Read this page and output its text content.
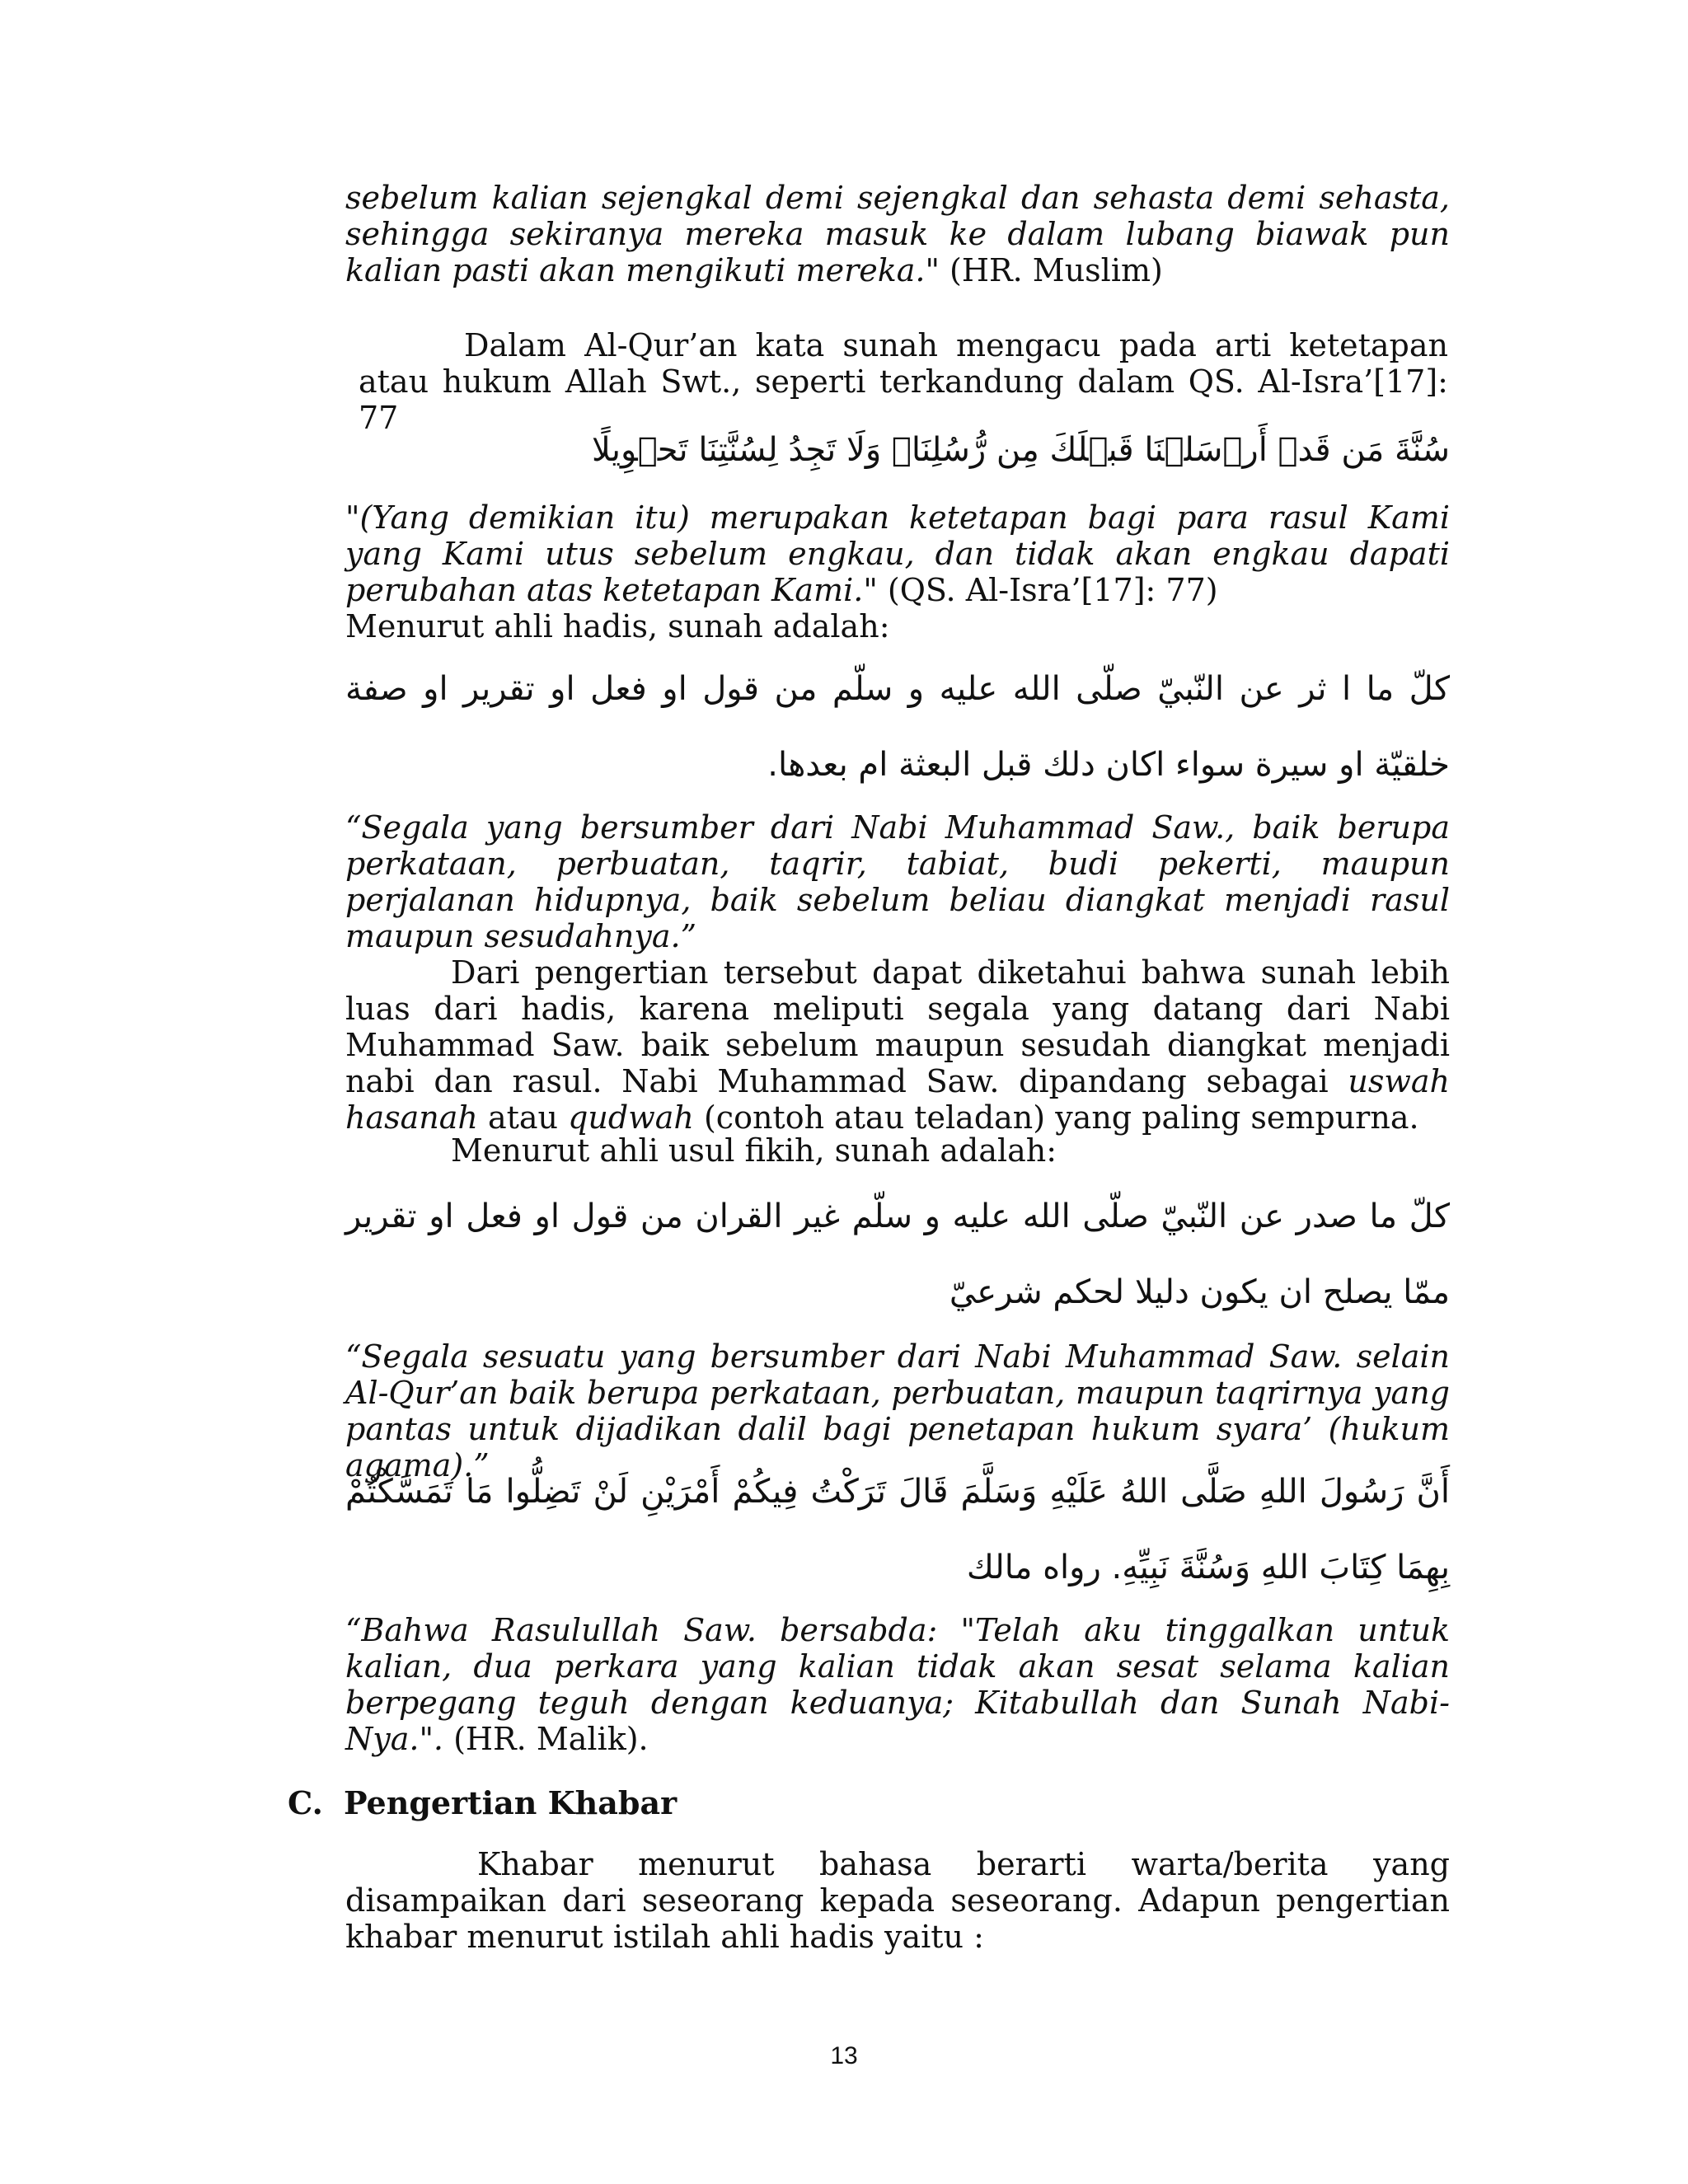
sebelum kalian sejengkal demi sejengkal dan sehasta demi sehasta, sehingga sekiranya mereka masuk ke dalam lubang biawak pun kalian pasti akan mengikuti mereka." (HR. Muslim)

Dalam Al-Qur’an kata sunah mengacu pada arti ketetapan atau hukum Allah Swt., seperti terkandung dalam QS. Al-Isra’[17]: 77

سُنَّةَ مَن قَدۡ أَرۡسَلۡنَا قَبۡلَكَ مِن رُّسُلِنَاۖ وَلَا تَجِدُ لِسُنَّتِنَا تَحۡوِيلًا

"(Yang demikian itu) merupakan ketetapan bagi para rasul Kami yang Kami utus sebelum engkau, dan tidak akan engkau dapati perubahan atas ketetapan Kami." (QS. Al-Isra’[17]: 77)

Menurut ahli hadis, sunah adalah:

كلّ ما ا ثر عن النّبيّ صلّى الله عليه و سلّم من قول او فعل او تقرير او صفة خلقيّة او سيرة سواء اكان دلك قبل البعثة ام بعدها.

“Segala yang bersumber dari Nabi Muhammad Saw., baik berupa perkataan, perbuatan, taqrir, tabiat, budi pekerti, maupun perjalanan hidupnya, baik sebelum beliau diangkat menjadi rasul maupun sesudahnya.”

Dari pengertian tersebut dapat diketahui bahwa sunah lebih luas dari hadis, karena meliputi segala yang datang dari Nabi Muhammad Saw. baik sebelum maupun sesudah diangkat menjadi nabi dan rasul. Nabi Muhammad Saw. dipandang sebagai uswah hasanah atau qudwah (contoh atau teladan) yang paling sempurna.

Menurut ahli usul fikih, sunah adalah:

كلّ ما صدر عن النّبيّ صلّى الله عليه و سلّم غير القران من قول او فعل او تقرير ممّا يصلح ان يكون دليلا لحكم شرعيّ

“Segala sesuatu yang bersumber dari Nabi Muhammad Saw. selain Al-Qur’an baik berupa perkataan, perbuatan, maupun taqrirnya yang pantas untuk dijadikan dalil bagi penetapan hukum syara’ (hukum agama).”

أَنَّ رَسُولَ اللهِ صَلَّى اللهُ عَلَيْهِ وَسَلَّمَ قَالَ تَرَكْتُ فِيكُمْ أَمْرَيْنِ لَنْ تَضِلُّوا مَا تَمَسَّكْتُمْ بِهِمَا كِتَابَ اللهِ وَسُنَّةَ نَبِيِّهِ. رواه مالك

“Bahwa Rasulullah Saw. bersabda: "Telah aku tinggalkan untuk kalian, dua perkara yang kalian tidak akan sesat selama kalian berpegang teguh dengan keduanya; Kitabullah dan Sunah Nabi-Nya.". (HR. Malik).

C. Pengertian Khabar

Khabar menurut bahasa berarti warta/berita yang disampaikan dari seseorang kepada seseorang. Adapun pengertian khabar menurut istilah ahli hadis yaitu :

13
